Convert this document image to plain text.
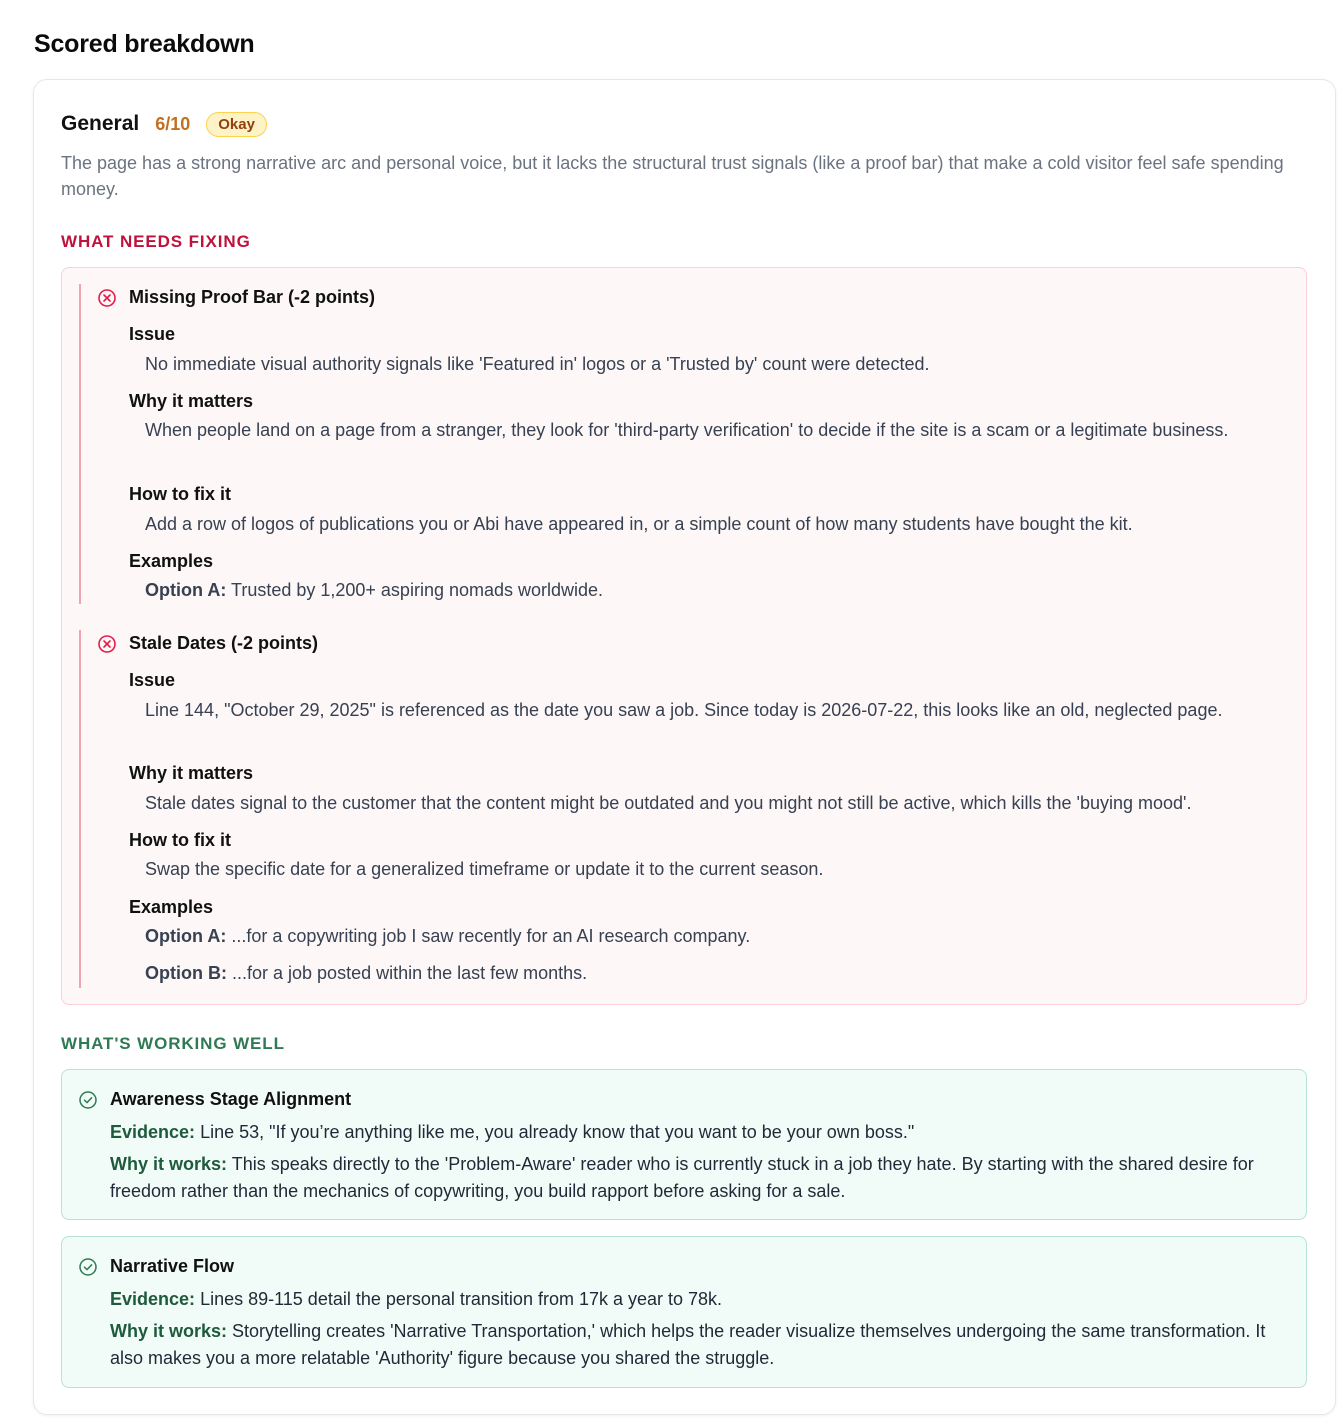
Scored breakdown
General 6/10	Okay
The page has a strong narrative arc and personal voice, but it lacks the structural trust signals (like a proof bar) that make a cold visitor feel safe spending money.
WHAT NEEDS FIXING
Missing Proof Bar (-2 points)
Issue
No immediate visual authority signals like 'Featured in' logos or a 'Trusted by' count were detected.
Why it matters
When people land on a page from a stranger, they look for 'third-party verification' to decide if the site is a scam or a legitimate business.
How to fix it
Add a row of logos of publications you or Abi have appeared in, or a simple count of how many students have bought the kit.
Examples
Option A: Trusted by 1,200+ aspiring nomads worldwide.
Stale Dates (-2 points)
Issue
Line 144, "October 29, 2025" is referenced as the date you saw a job. Since today is 2026-07-22, this looks like an old, neglected page.
Why it matters
Stale dates signal to the customer that the content might be outdated and you might not still be active, which kills the 'buying mood'.
How to fix it
Swap the specific date for a generalized timeframe or update it to the current season.
Examples
Option A: ...for a copywriting job I saw recently for an AI research company.
Option B: ...for a job posted within the last few months.
WHAT'S WORKING WELL
Awareness Stage Alignment
Evidence: Line 53, "If you’re anything like me, you already know that you want to be your own boss."
Why it works: This speaks directly to the 'Problem-Aware' reader who is currently stuck in a job they hate. By starting with the shared desire for freedom rather than the mechanics of copywriting, you build rapport before asking for a sale.
Narrative Flow
Evidence: Lines 89-115 detail the personal transition from 17k a year to 78k.
Why it works: Storytelling creates 'Narrative Transportation,' which helps the reader visualize themselves undergoing the same transformation. It also makes you a more relatable 'Authority' figure because you shared the struggle.
